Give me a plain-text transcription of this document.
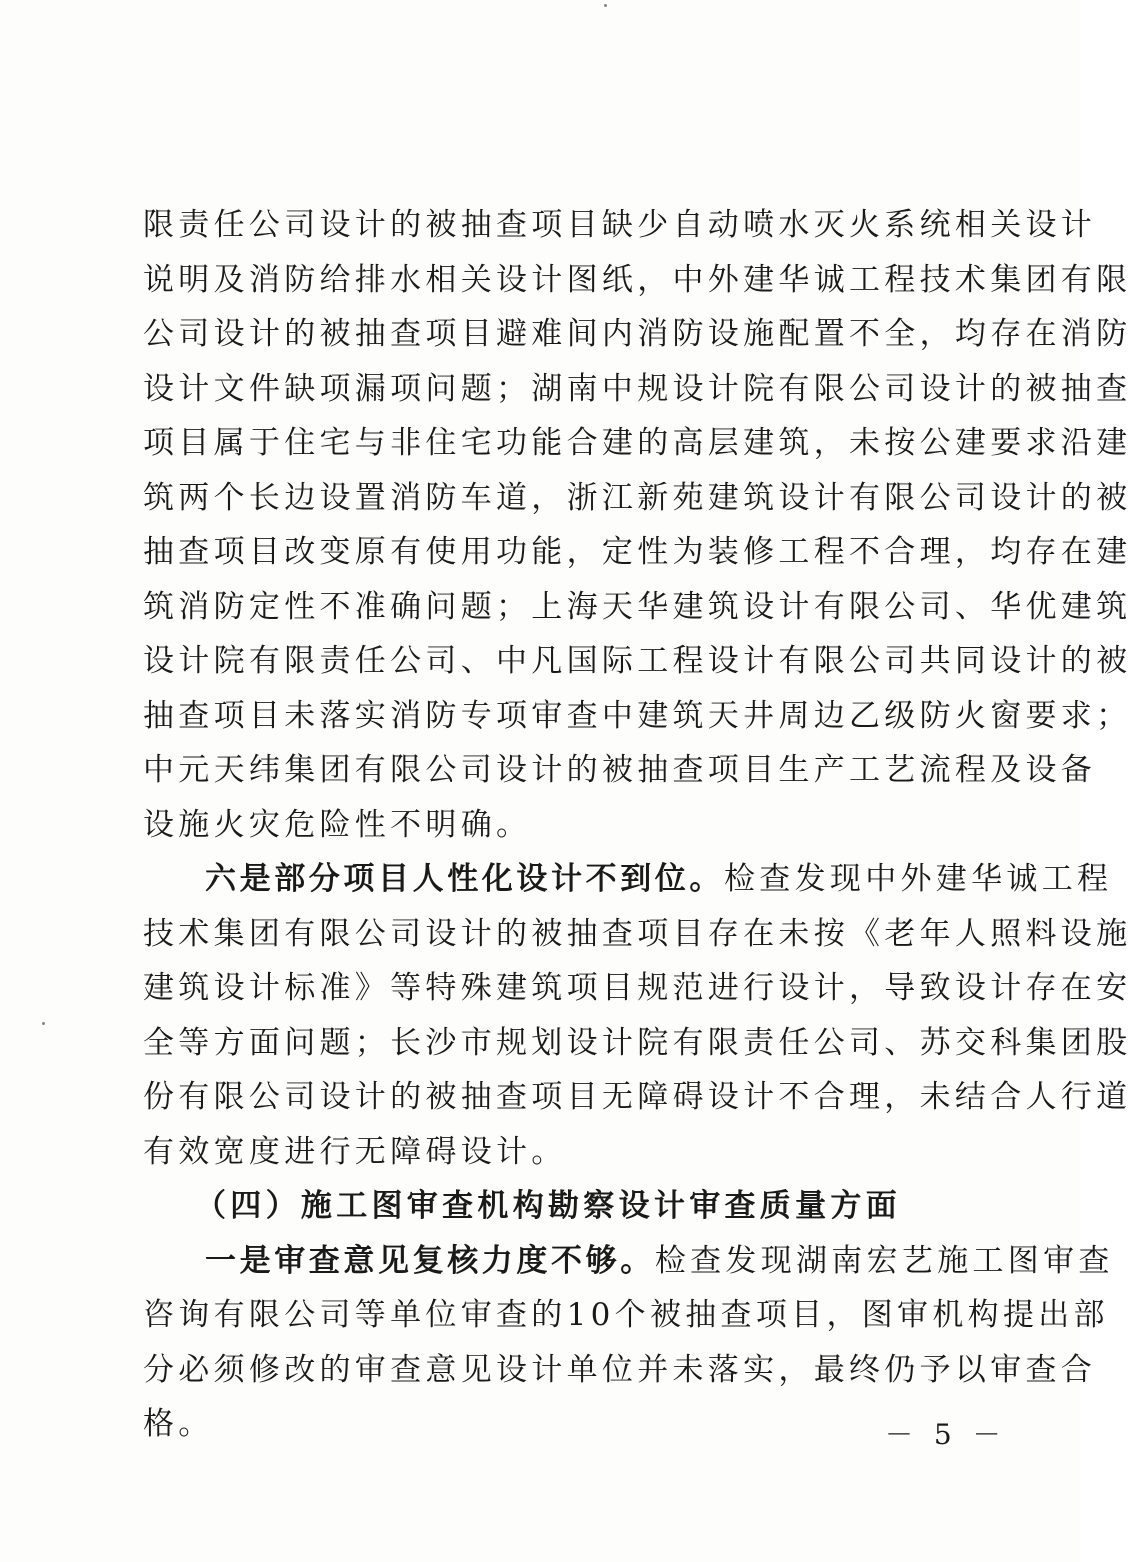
限责任公司设计的被抽查项目缺少自动喷水灭火系统相关设计
说明及消防给排水相关设计图纸，中外建华诚工程技术集团有限
公司设计的被抽查项目避难间内消防设施配置不全，均存在消防
设计文件缺项漏项问题；湖南中规设计院有限公司设计的被抽查
项目属于住宅与非住宅功能合建的高层建筑，未按公建要求沿建
筑两个长边设置消防车道，浙江新苑建筑设计有限公司设计的被
抽查项目改变原有使用功能，定性为装修工程不合理，均存在建
筑消防定性不准确问题；上海天华建筑设计有限公司、华优建筑
设计院有限责任公司、中凡国际工程设计有限公司共同设计的被
抽查项目未落实消防专项审查中建筑天井周边乙级防火窗要求；
中元天纬集团有限公司设计的被抽查项目生产工艺流程及设备
设施火灾危险性不明确。
六是部分项目人性化设计不到位。检查发现中外建华诚工程
技术集团有限公司设计的被抽查项目存在未按《老年人照料设施
建筑设计标准》等特殊建筑项目规范进行设计，导致设计存在安
全等方面问题；长沙市规划设计院有限责任公司、苏交科集团股
份有限公司设计的被抽查项目无障碍设计不合理，未结合人行道
有效宽度进行无障碍设计。
（四）施工图审查机构勘察设计审查质量方面
一是审查意见复核力度不够。检查发现湖南宏艺施工图审查
咨询有限公司等单位审查的10个被抽查项目，图审机构提出部
分必须修改的审查意见设计单位并未落实，最终仍予以审查合
格。	－ 5 －
